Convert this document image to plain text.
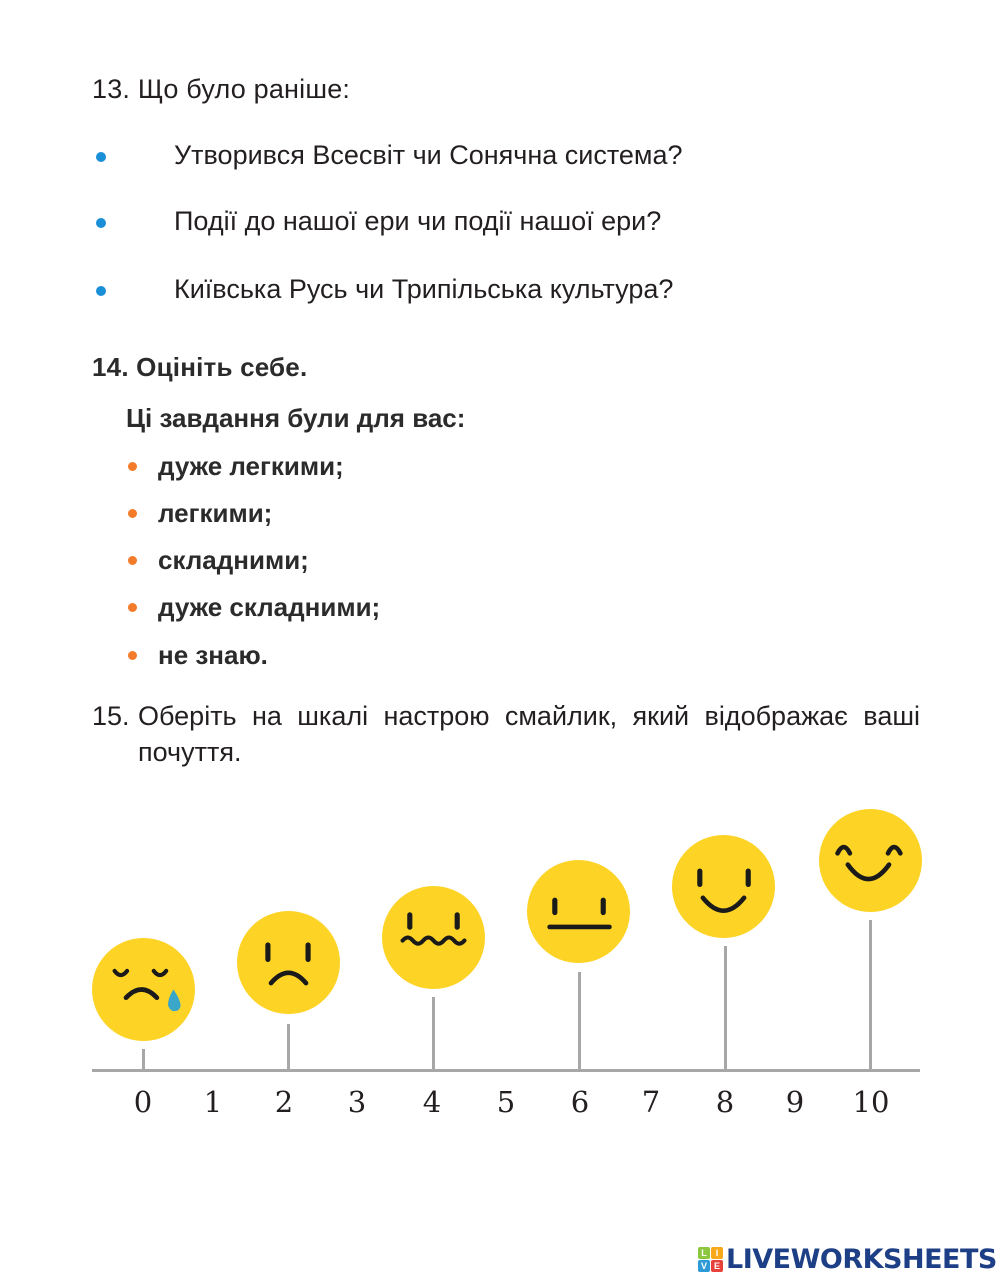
13. Що було раніше:
Утворився Всесвіт чи Сонячна система?
Події до нашої ери чи події нашої ери?
Київська Русь чи Трипільська культура?
14. Оцініть себе.
Ці завдання були для вас:
дуже легкими;
легкими;
складними;
дуже складними;
не знаю.
15. Оберіть на шкалі настрою смайлик, який відображає ваші почуття.
0	1	2	3	4	5	6	7	8	9	10
L I
V E LIVEWORKSHEETS
